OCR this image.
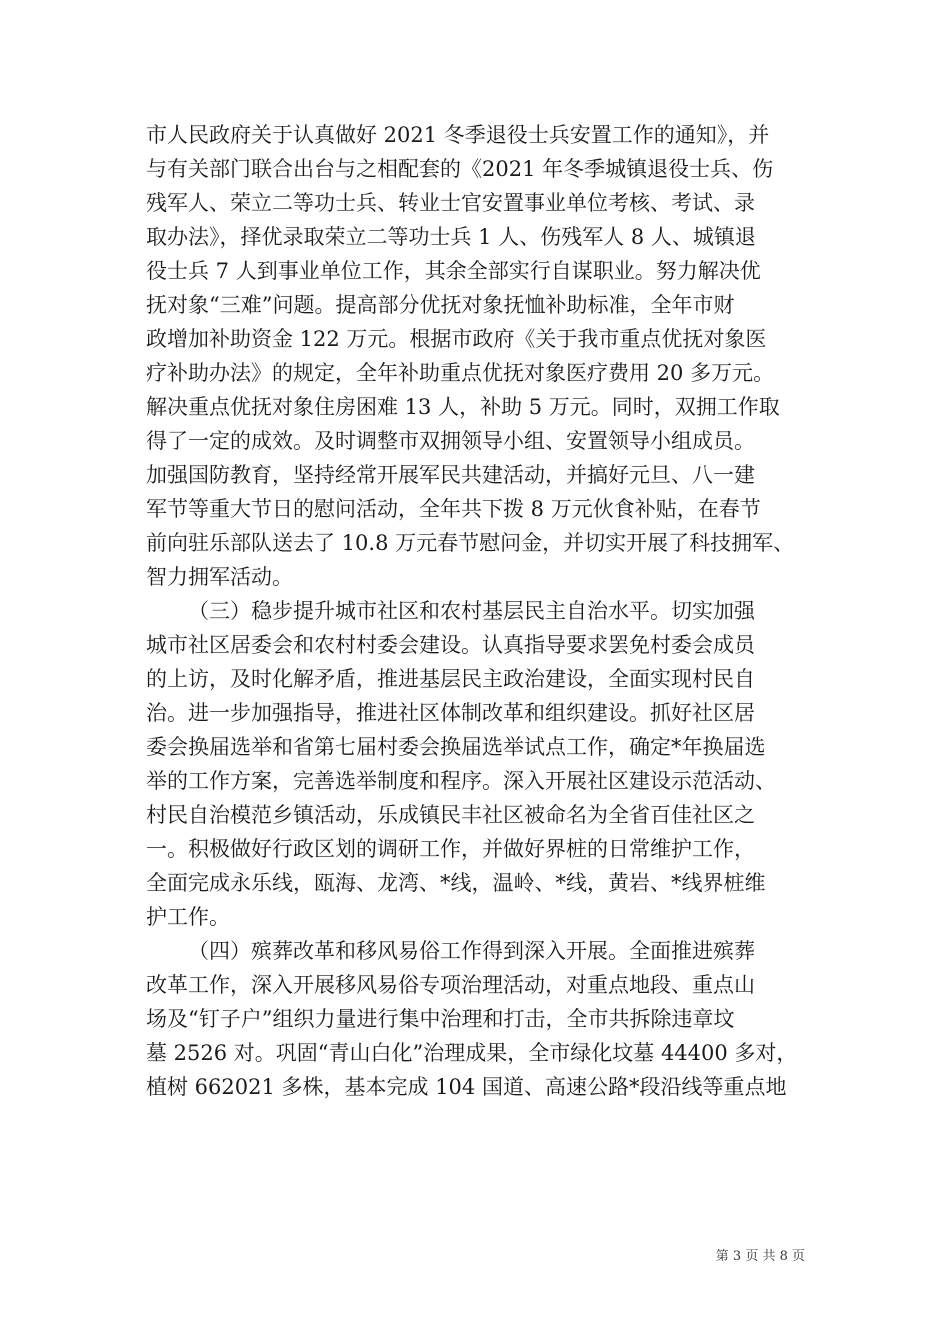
市人民政府关于认真做好 2021 冬季退役士兵安置工作的通知》，并
与有关部门联合出台与之相配套的《2021 年冬季城镇退役士兵、伤
残军人、荣立二等功士兵、转业士官安置事业单位考核、考试、录
取办法》，择优录取荣立二等功士兵 1 人、伤残军人 8 人、城镇退
役士兵 7 人到事业单位工作，其余全部实行自谋职业。努力解决优
抚对象“三难”问题。提高部分优抚对象抚恤补助标准，全年市财
政增加补助资金 122 万元。根据市政府《关于我市重点优抚对象医
疗补助办法》的规定，全年补助重点优抚对象医疗费用 20 多万元。
解决重点优抚对象住房困难 13 人，补助 5 万元。同时，双拥工作取
得了一定的成效。及时调整市双拥领导小组、安置领导小组成员。
加强国防教育，坚持经常开展军民共建活动，并搞好元旦、八一建
军节等重大节日的慰问活动，全年共下拨 8 万元伙食补贴，在春节
前向驻乐部队送去了 10.8 万元春节慰问金，并切实开展了科技拥军、
智力拥军活动。
（三）稳步提升城市社区和农村基层民主自治水平。切实加强
城市社区居委会和农村村委会建设。认真指导要求罢免村委会成员
的上访，及时化解矛盾，推进基层民主政治建设，全面实现村民自
治。进一步加强指导，推进社区体制改革和组织建设。抓好社区居
委会换届选举和省第七届村委会换届选举试点工作，确定*年换届选
举的工作方案，完善选举制度和程序。深入开展社区建设示范活动、
村民自治模范乡镇活动，乐成镇民丰社区被命名为全省百佳社区之
一。积极做好行政区划的调研工作，并做好界桩的日常维护工作，
全面完成永乐线，瓯海、龙湾、*线，温岭、*线，黄岩、*线界桩维
护工作。
（四）殡葬改革和移风易俗工作得到深入开展。全面推进殡葬
改革工作，深入开展移风易俗专项治理活动，对重点地段、重点山
场及“钉子户”组织力量进行集中治理和打击，全市共拆除违章坟
墓 2526 对。巩固“青山白化”治理成果，全市绿化坟墓 44400 多对，
植树 662021 多株，基本完成 104 国道、高速公路*段沿线等重点地
第 3 页 共 8 页
